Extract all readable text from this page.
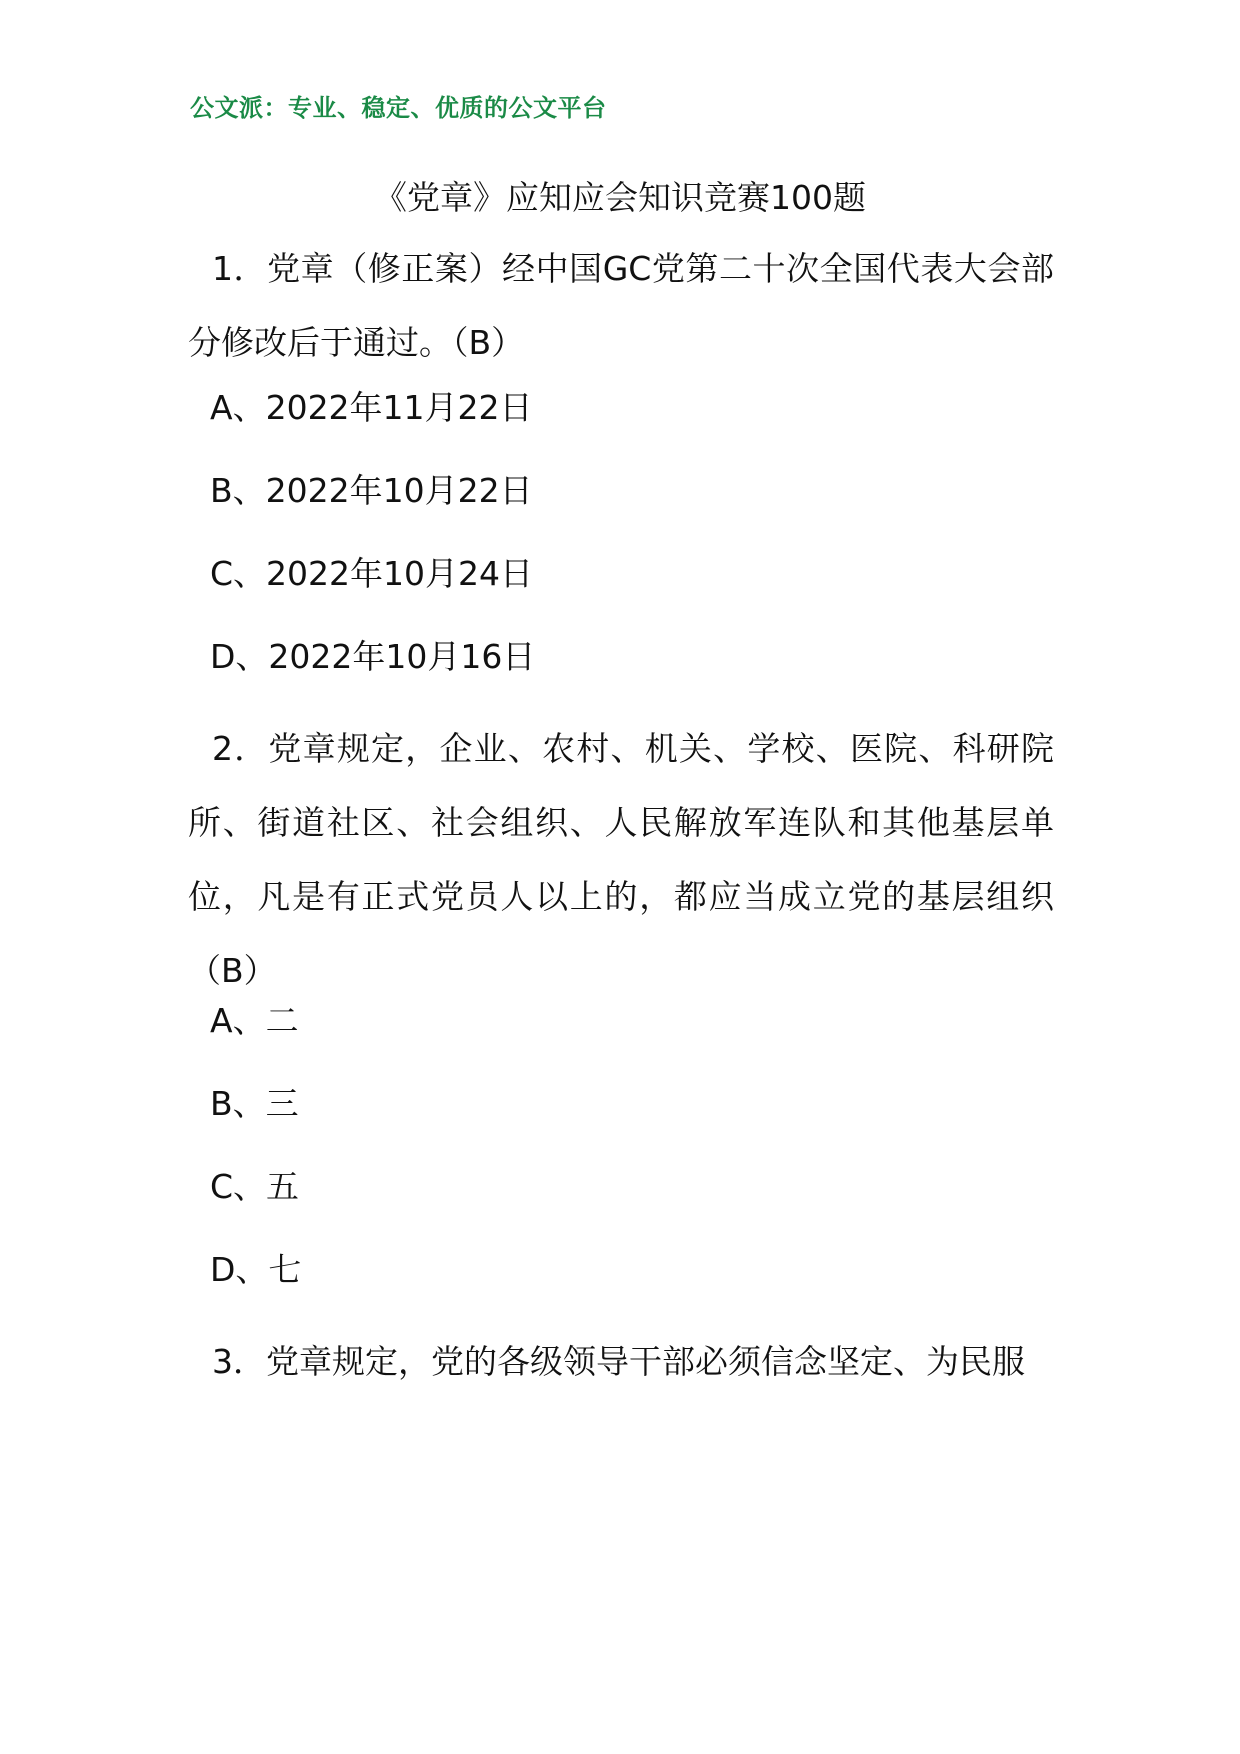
公文派：专业、稳定、优质的公文平台
《党章》应知应会知识竞赛100题
1．党章（修正案）经中国GC党第二十次全国代表大会部分修改后于通过。（B）
A、2022年11月22日
B、2022年10月22日
C、2022年10月24日
D、2022年10月16日
2．党章规定，企业、农村、机关、学校、医院、科研院所、街道社区、社会组织、人民解放军连队和其他基层单位，凡是有正式党员人以上的，都应当成立党的基层组织（B）
A、二
B、三
C、五
D、七
3．党章规定，党的各级领导干部必须信念坚定、为民服
